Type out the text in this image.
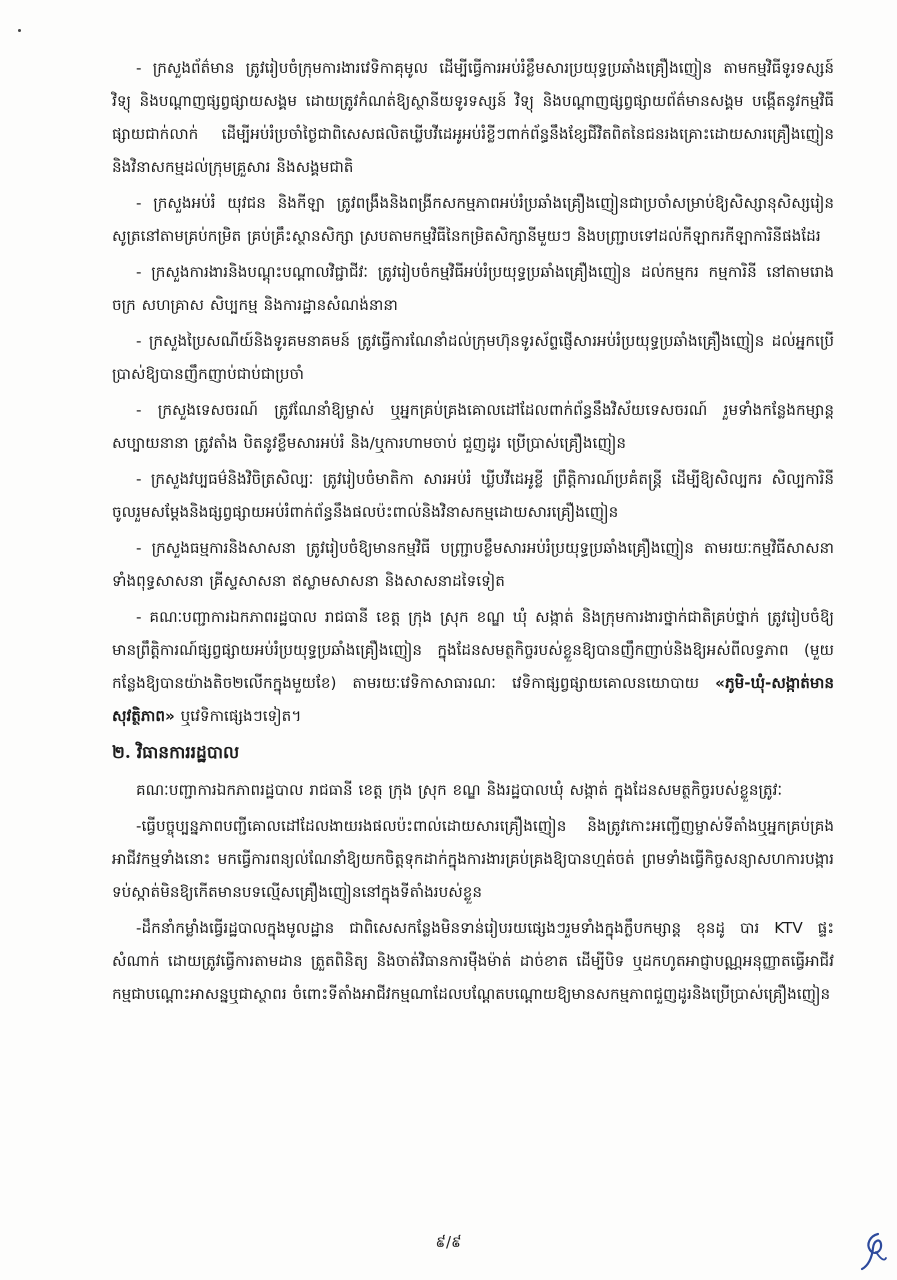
- ក្រសួងព័ត៌មាន ត្រូវរៀបចំក្រុមការងារវេទិកាគុមូល ដើម្បីធ្វើការអប់រំខ្លឹមសារប្រយុទ្ធប្រឆាំងគ្រឿងញៀន តាមកម្មវិធីទូរទស្សន៍ វិទ្យុ និងបណ្ដាញផ្សព្វផ្សាយសង្គម ដោយត្រូវកំណត់ឱ្យស្ថានីយទូរទស្សន៍ វិទ្យុ និងបណ្ដាញផ្សព្វផ្សាយព័ត៌មានសង្គម បង្កើតនូវកម្មវិធីផ្សាយជាក់លាក់ ដើម្បីអប់រំប្រចាំថ្ងៃជាពិសេសផលិតឃ្លីបវីដេអូអប់រំខ្លីៗពាក់ព័ន្ធនឹងខ្សែជីវិតពិតនៃជនរងគ្រោះដោយសារគ្រឿងញៀន និងវិនាសកម្មដល់ក្រុមគ្រួសារ និងសង្គមជាតិ

- ក្រសួងអប់រំ យុវជន និងកីឡា ត្រូវពង្រឹងនិងពង្រីកសកម្មភាពអប់រំប្រឆាំងគ្រឿងញៀនជាប្រចាំសម្រាប់ឱ្យសិស្សានុសិស្សរៀនសូត្រនៅតាមគ្រប់កម្រិត គ្រប់គ្រឹះស្ថានសិក្សា ស្របតាមកម្មវិធីនៃកម្រិតសិក្សានីមួយៗ និងបញ្ជ្រាបទៅដល់កីឡាករកីឡាការិនីផងដែរ

- ក្រសួងការងារនិងបណ្ដុះបណ្ដាលវិជ្ជាជីវៈ ត្រូវរៀបចំកម្មវិធីអប់រំប្រយុទ្ធប្រឆាំងគ្រឿងញៀន ដល់កម្មករ កម្មការិនី នៅតាមរោងចក្រ សហគ្រាស សិប្បកម្ម និងការដ្ឋានសំណង់នានា

- ក្រសួងប្រៃសណីយ៍និងទូរគមនាគមន៍ ត្រូវធ្វើការណែនាំដល់ក្រុមហ៊ុនទូរស័ព្ទផ្ញើសារអប់រំប្រយុទ្ធប្រឆាំងគ្រឿងញៀន ដល់អ្នកប្រើប្រាស់ឱ្យបានញឹកញាប់ជាប់ជាប្រចាំ

- ក្រសួងទេសចរណ៍ ត្រូវណែនាំឱ្យម្ចាស់ ឬអ្នកគ្រប់គ្រងគោលដៅដែលពាក់ព័ន្ធនឹងវិស័យទេសចរណ៍ រួមទាំងកន្លែងកម្សាន្តសប្បាយនានា ត្រូវតាំង បិតនូវខ្លឹមសារអប់រំ និង/ឬការហាមចាប់ ជួញដូរ ប្រើប្រាស់គ្រឿងញៀន

- ក្រសួងវប្បធម៌និងវិចិត្រសិល្បៈ ត្រូវរៀបចំមាតិកា សារអប់រំ ឃ្លីបវីដេអូខ្លី ព្រឹត្តិការណ៍ប្រគំតន្ត្រី ដើម្បីឱ្យសិល្បករ សិល្បការិនី ចូលរួមសម្ដែងនិងផ្សព្វផ្សាយអប់រំពាក់ព័ន្ធនឹងផលប៉ះពាល់និងវិនាសកម្មដោយសារគ្រឿងញៀន

- ក្រសួងធម្មការនិងសាសនា ត្រូវរៀបចំឱ្យមានកម្មវិធី បញ្ជ្រាបខ្លឹមសារអប់រំប្រយុទ្ធប្រឆាំងគ្រឿងញៀន តាមរយៈកម្មវិធីសាសនា ទាំងពុទ្ធសាសនា គ្រីស្ទសាសនា ឥស្លាមសាសនា និងសាសនាដទៃទៀត

- គណៈបញ្ជាការឯកភាពរដ្ឋបាល រាជធានី ខេត្ត ក្រុង ស្រុក ខណ្ឌ ឃុំ សង្កាត់ និងក្រុមការងារថ្នាក់ជាតិគ្រប់ថ្នាក់ ត្រូវរៀបចំឱ្យមានព្រឹត្តិការណ៍ផ្សព្វផ្សាយអប់រំប្រយុទ្ធប្រឆាំងគ្រឿងញៀន ក្នុងដែនសមត្ថកិច្ចរបស់ខ្លួនឱ្យបានញឹកញាប់និងឱ្យអស់ពីលទ្ធភាព (មួយកន្លែងឱ្យបានយ៉ាងតិច២លើកក្នុងមួយខែ) តាមរយៈវេទិកាសាធារណៈ វេទិកាផ្សព្វផ្សាយគោលនយោបាយ «ភូមិ-ឃុំ-សង្កាត់មានសុវត្ថិភាព» ឬវេទិកាផ្សេងៗទៀត។

២. វិធានការរដ្ឋបាល

គណៈបញ្ជាការឯកភាពរដ្ឋបាល រាជធានី ខេត្ត ក្រុង ស្រុក ខណ្ឌ និងរដ្ឋបាលឃុំ សង្កាត់ ក្នុងដែនសមត្ថកិច្ចរបស់ខ្លួនត្រូវៈ

-ធ្វើបច្ចុប្បន្នភាពបញ្ជីគោលដៅដែលងាយរងផលប៉ះពាល់ដោយសារគ្រឿងញៀន និងត្រូវកោះអញ្ជើញម្ចាស់ទីតាំងឬអ្នកគ្រប់គ្រងអាជីវកម្មទាំងនោះ មកធ្វើការពន្យល់ណែនាំឱ្យយកចិត្តទុកដាក់ក្នុងការងារគ្រប់គ្រងឱ្យបានហ្មត់ចត់ ព្រមទាំងធ្វើកិច្ចសន្យាសហការបង្ការ ទប់ស្កាត់មិនឱ្យកើតមានបទល្មើសគ្រឿងញៀននៅក្នុងទីតាំងរបស់ខ្លួន

-ដឹកនាំកម្លាំងធ្វើរដ្ឋបាលក្នុងមូលដ្ឋាន ជាពិសេសកន្លែងមិនទាន់រៀបរយផ្សេងៗរួមទាំងក្នុងក្លឹបកម្សាន្ត ខុនដូ បារ KTV ផ្ទះសំណាក់ ដោយត្រូវធ្វើការតាមដាន ត្រួតពិនិត្យ និងចាត់វិធានការម៉ឺងម៉ាត់ ដាច់ខាត ដើម្បីបិទ ឬដកហូតអាជ្ញាបណ្ណអនុញ្ញាតធ្វើអាជីវកម្មជាបណ្ដោះអាសន្នឬជាស្ថាពរ ចំពោះទីតាំងអាជីវកម្មណាដែលបណ្ដែតបណ្ដោយឱ្យមានសកម្មភាពជួញដូរនិងប្រើប្រាស់គ្រឿងញៀន

៩/៩
